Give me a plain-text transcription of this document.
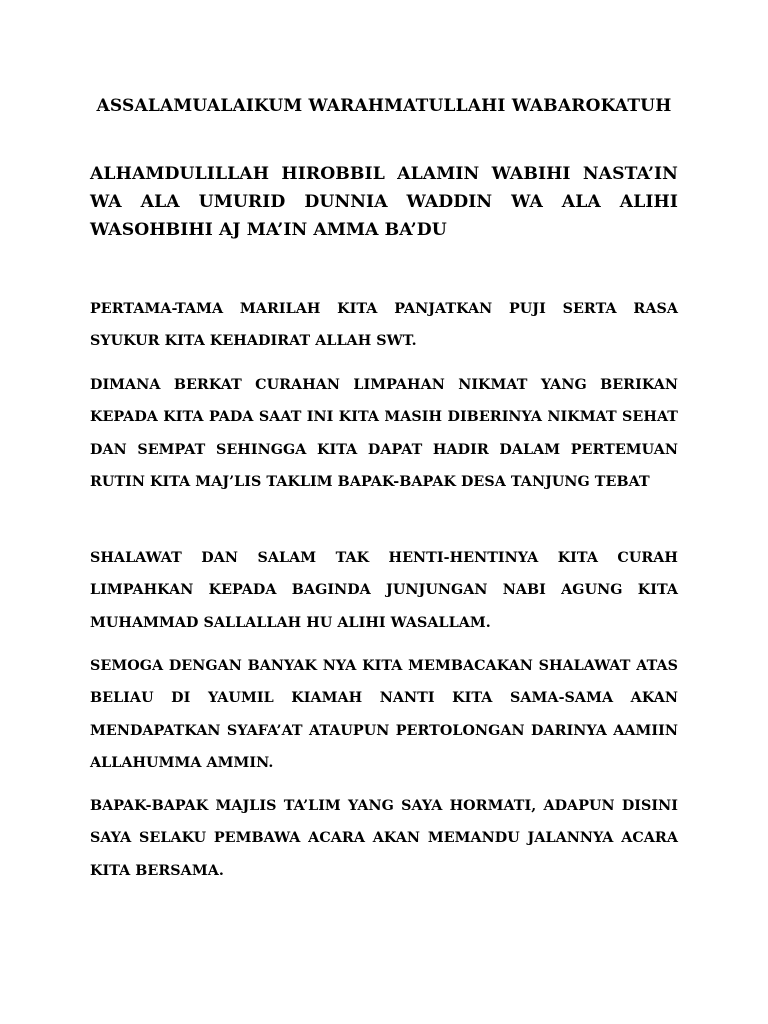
ASSALAMUALAIKUM WARAHMATULLAHI WABAROKATUH
ALHAMDULILLAH HIROBBIL ALAMIN WABIHI NASTA’IN WA ALA UMURID DUNNIA WADDIN WA ALA ALIHI WASOHBIHI AJ MA’IN AMMA BA’DU

PERTAMA-TAMA MARILAH KITA PANJATKAN PUJI SERTA RASA SYUKUR KITA KEHADIRAT ALLAH SWT.

DIMANA BERKAT CURAHAN LIMPAHAN NIKMAT YANG BERIKAN KEPADA KITA PADA SAAT INI KITA MASIH DIBERINYA NIKMAT SEHAT DAN SEMPAT SEHINGGA KITA DAPAT HADIR DALAM PERTEMUAN RUTIN KITA MAJ’LIS TAKLIM BAPAK-BAPAK DESA TANJUNG TEBAT

SHALAWAT DAN SALAM TAK HENTI-HENTINYA KITA CURAH LIMPAHKAN KEPADA BAGINDA JUNJUNGAN NABI AGUNG KITA MUHAMMAD SALLALLAH HU ALIHI WASALLAM.

SEMOGA DENGAN BANYAK NYA KITA MEMBACAKAN SHALAWAT ATAS BELIAU DI YAUMIL KIAMAH NANTI KITA SAMA-SAMA AKAN MENDAPATKAN SYAFA’AT ATAUPUN PERTOLONGAN DARINYA AAMIIN ALLAHUMMA AMMIN.

BAPAK-BAPAK MAJLIS TA’LIM YANG SAYA HORMATI, ADAPUN DISINI SAYA SELAKU PEMBAWA ACARA AKAN MEMANDU JALANNYA ACARA KITA BERSAMA.
